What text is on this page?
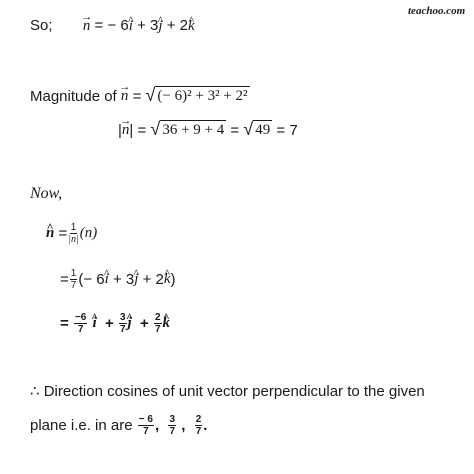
teachoo.com
So; n → = − 6i ^ + 3j ^ + 2k ^
Magnitude of
n →
=
√ (− 6)² + 3² + 2²
| n → |
=
√ 36 + 9 + 4
=
√ 49
= 7
Now,
n ^
= $\frac{1}{|n|} (n)$
= $\frac{1}{7}$ (− 6 i ^
+ 3 j ^
+ 2 k ^ )
=
$\frac{-6}{7}$
i ^
+
$\frac{3}{7}$ j ^
+
$\frac{2}{7}$ k ^
∴ Direction cosines of unit vector perpendicular to the given
plane i.e. in are
$\frac{- 6}{7}$ ,
$\frac{3}{7}$
,
$\frac{2}{7}$ .
